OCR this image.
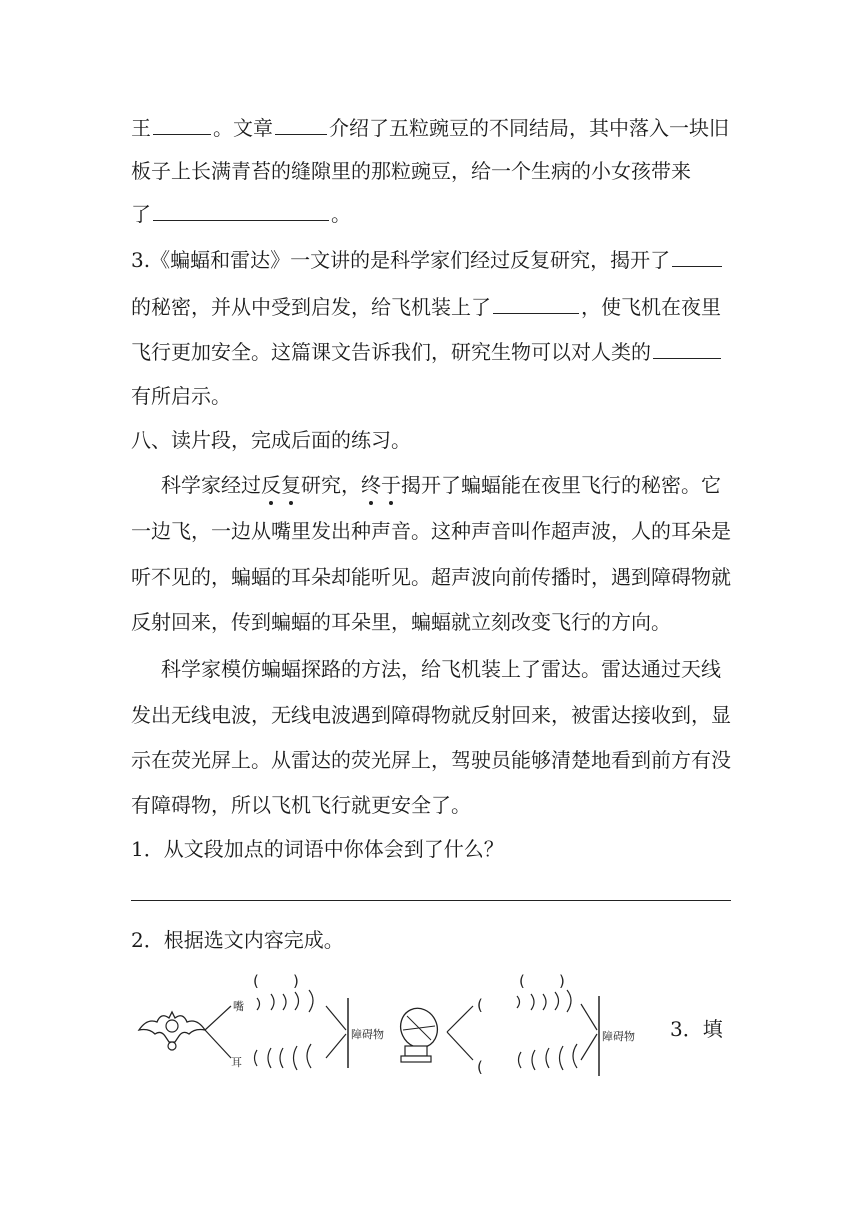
王	。文章	介绍了五粒豌豆的不同结局，其中落入一块旧
板子上长满青苔的缝隙里的那粒豌豆，给一个生病的小女孩带来
了	。
3.《蝙蝠和雷达》一文讲的是科学家们经过反复研究，揭开了
的秘密，并从中受到启发，给飞机装上了	，使飞机在夜里
飞行更加安全。这篇课文告诉我们，研究生物可以对人类的
有所启示。
八、读片段，完成后面的练习。
科学家经过反复研究，终于揭开了蝙蝠能在夜里飞行的秘密。它
一边飞，一边从嘴里发出种声音。这种声音叫作超声波，人的耳朵是
听不见的，蝙蝠的耳朵却能听见。超声波向前传播时，遇到障碍物就
反射回来，传到蝙蝠的耳朵里，蝙蝠就立刻改变飞行的方向。
科学家模仿蝙蝠探路的方法，给飞机装上了雷达。雷达通过天线
发出无线电波，无线电波遇到障碍物就反射回来，被雷达接收到，显
示在荧光屏上。从雷达的荧光屏上，驾驶员能够清楚地看到前方有没
有障碍物，所以飞机飞行就更安全了。
1．从文段加点的词语中你体会到了什么？
2．根据选文内容完成。
嘴
( )
耳
障碍物
(
(
( )
障碍物 3．填
